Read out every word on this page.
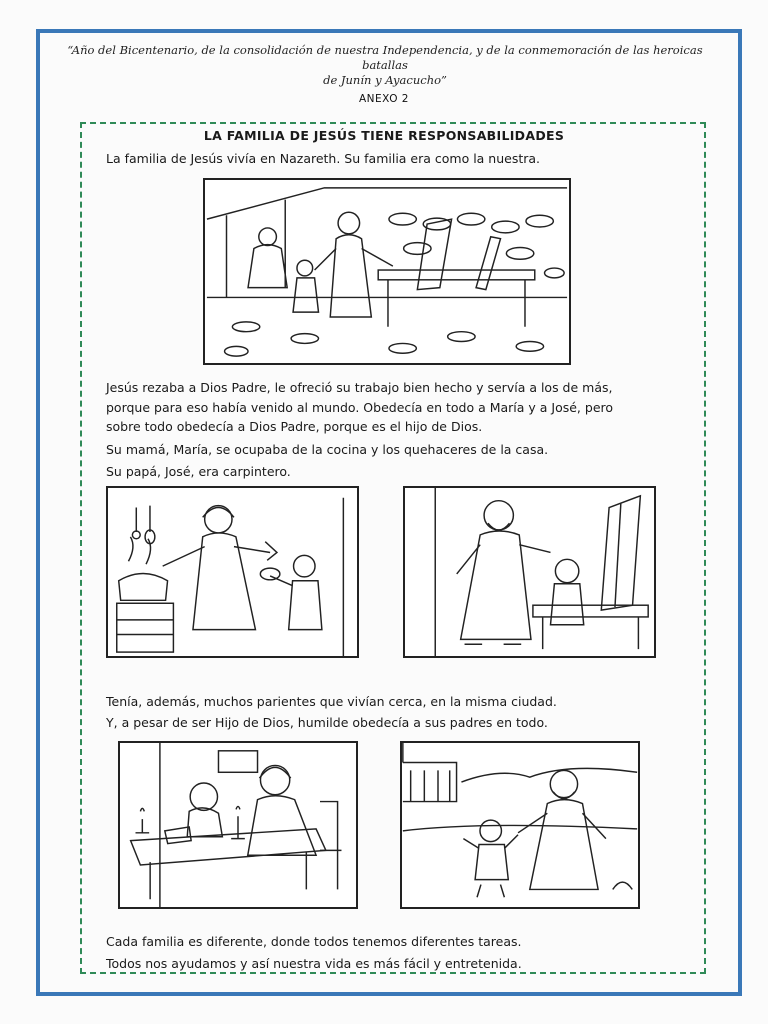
“Año del Bicentenario, de la consolidación de nuestra Independencia, y de la conmemoración de las heroicas batallas
de Junín y Ayacucho”
ANEXO 2
LA FAMILIA DE JESÚS TIENE RESPONSABILIDADES
La familia de Jesús vivía en Nazareth. Su familia era como la nuestra.
Jesús rezaba a Dios Padre, le ofreció su trabajo bien hecho y servía a los de más,
porque para eso había venido al mundo. Obedecía en todo a María y a José, pero
sobre todo obedecía a Dios Padre, porque es el hijo de Dios.
Su mamá, María, se ocupaba de la cocina y los quehaceres de la casa.
Su papá, José, era carpintero.
Tenía, además, muchos parientes que vivían cerca, en la misma ciudad.
Y, a pesar de ser Hijo de Dios, humilde obedecía a sus padres en todo.
Cada familia es diferente, donde todos tenemos diferentes tareas.
Todos nos ayudamos y así nuestra vida es más fácil y entretenida.
